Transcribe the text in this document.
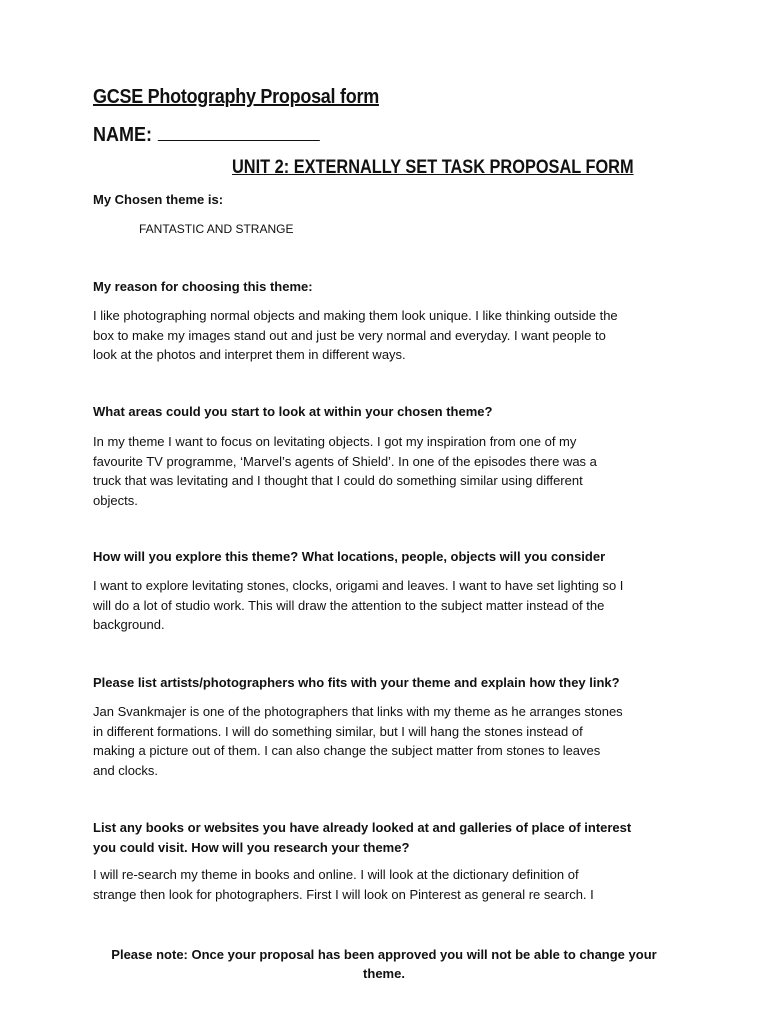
GCSE Photography Proposal form
NAME:
UNIT 2: EXTERNALLY SET TASK PROPOSAL FORM
My Chosen theme is:
FANTASTIC AND STRANGE
My reason for choosing this theme:
I like photographing normal objects and making them look unique. I like thinking outside the
box to make my images stand out and just be very normal and everyday. I want people to
look at the photos and interpret them in different ways.
What areas could you start to look at within your chosen theme?
In my theme I want to focus on levitating objects. I got my inspiration from one of my
favourite TV programme, ‘Marvel’s agents of Shield’. In one of the episodes there was a
truck that was levitating and I thought that I could do something similar using different
objects.
How will you explore this theme? What locations, people, objects will you consider
I want to explore levitating stones, clocks, origami and leaves. I want to have set lighting so I
will do a lot of studio work. This will draw the attention to the subject matter instead of the
background.
Please list artists/photographers who fits with your theme and explain how they link?
Jan Svankmajer is one of the photographers that links with my theme as he arranges stones
in different formations. I will do something similar, but I will hang the stones instead of
making a picture out of them. I can also change the subject matter from stones to leaves
and clocks.
List any books or websites you have already looked at and galleries of place of interest
you could visit. How will you research your theme?
I will re-search my theme in books and online. I will look at the dictionary definition of
strange then look for photographers. First I will look on Pinterest as general re search. I
Please note: Once your proposal has been approved you will not be able to change your
theme.
